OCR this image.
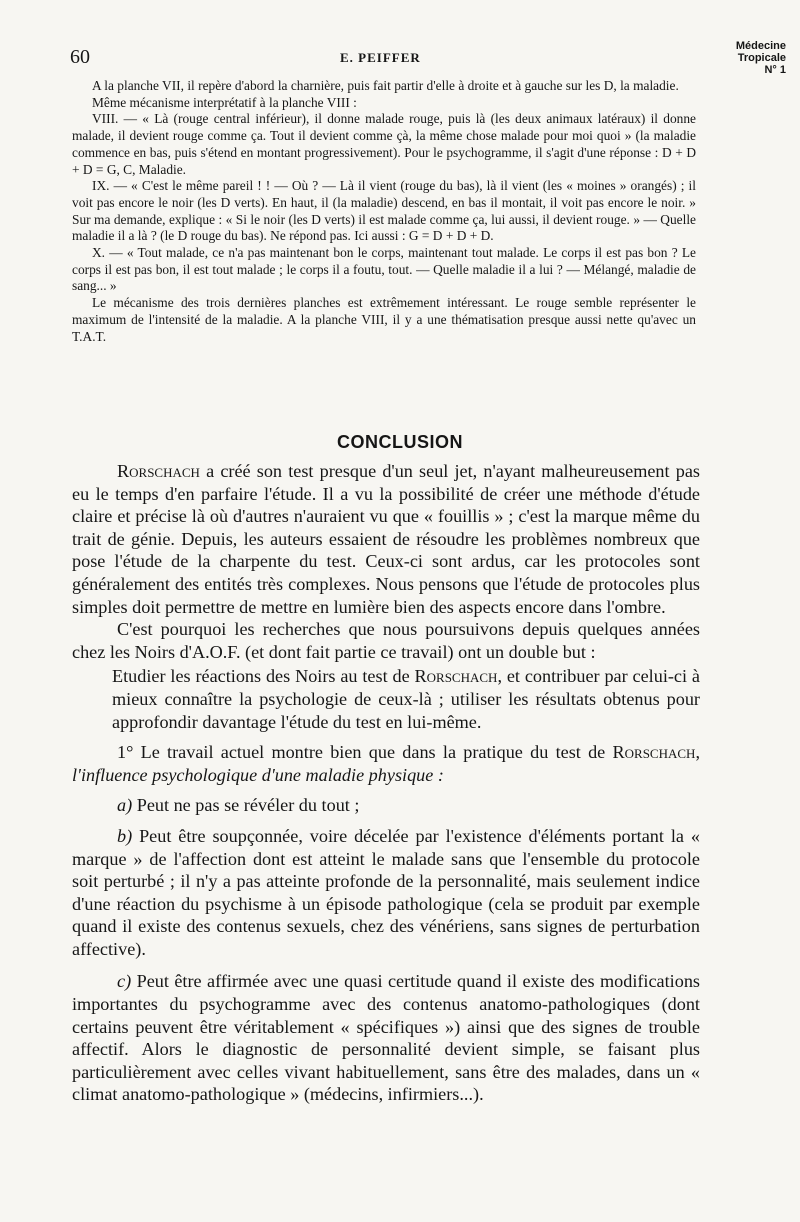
60	E. PEIFFER
Médecine
Tropicale
N° 1

A la planche VII, il repère d'abord la charnière, puis fait partir d'elle à droite et à gauche sur les D, la maladie.

Même mécanisme interprétatif à la planche VIII :

VIII. — « Là (rouge central inférieur), il donne malade rouge, puis là (les deux animaux latéraux) il donne malade, il devient rouge comme ça. Tout il devient comme çà, la même chose malade pour moi quoi » (la maladie commence en bas, puis s'étend en montant progressivement). Pour le psychogramme, il s'agit d'une réponse : D + D + D = G, C, Maladie.

IX. — « C'est le même pareil ! ! — Où ? — Là il vient (rouge du bas), là il vient (les « moines » orangés) ; il voit pas encore le noir (les D verts). En haut, il (la maladie) descend, en bas il montait, il voit pas encore le noir. » Sur ma demande, explique : « Si le noir (les D verts) il est malade comme ça, lui aussi, il devient rouge. » — Quelle maladie il a là ? (le D rouge du bas). Ne répond pas. Ici aussi : G = D + D + D.

X. — « Tout malade, ce n'a pas maintenant bon le corps, maintenant tout malade. Le corps il est pas bon ? Le corps il est pas bon, il est tout malade ; le corps il a foutu, tout. — Quelle maladie il a lui ? — Mélangé, maladie de sang... »

Le mécanisme des trois dernières planches est extrêmement intéressant. Le rouge semble représenter le maximum de l'intensité de la maladie. A la planche VIII, il y a une thématisation presque aussi nette qu'avec un T.A.T.

CONCLUSION

Rorschach a créé son test presque d'un seul jet, n'ayant malheureusement pas eu le temps d'en parfaire l'étude. Il a vu la possibilité de créer une méthode d'étude claire et précise là où d'autres n'auraient vu que « fouillis » ; c'est la marque même du trait de génie. Depuis, les auteurs essaient de résoudre les problèmes nombreux que pose l'étude de la charpente du test. Ceux-ci sont ardus, car les protocoles sont généralement des entités très complexes. Nous pensons que l'étude de protocoles plus simples doit permettre de mettre en lumière bien des aspects encore dans l'ombre.

C'est pourquoi les recherches que nous poursuivons depuis quelques années chez les Noirs d'A.O.F. (et dont fait partie ce travail) ont un double but :

Etudier les réactions des Noirs au test de Rorschach, et contribuer par celui-ci à mieux connaître la psychologie de ceux-là ; utiliser les résultats obtenus pour approfondir davantage l'étude du test en lui-même.

1° Le travail actuel montre bien que dans la pratique du test de Rorschach, l'influence psychologique d'une maladie physique :

a) Peut ne pas se révéler du tout ;

b) Peut être soupçonnée, voire décelée par l'existence d'éléments portant la « marque » de l'affection dont est atteint le malade sans que l'ensemble du protocole soit perturbé ; il n'y a pas atteinte profonde de la personnalité, mais seulement indice d'une réaction du psychisme à un épisode pathologique (cela se produit par exemple quand il existe des contenus sexuels, chez des vénériens, sans signes de perturbation affective).

c) Peut être affirmée avec une quasi certitude quand il existe des modifications importantes du psychogramme avec des contenus anatomo-pathologiques (dont certains peuvent être véritablement « spécifiques ») ainsi que des signes de trouble affectif. Alors le diagnostic de personnalité devient simple, se faisant plus particulièrement avec celles vivant habituellement, sans être des malades, dans un « climat anatomo-pathologique » (médecins, infirmiers...).
